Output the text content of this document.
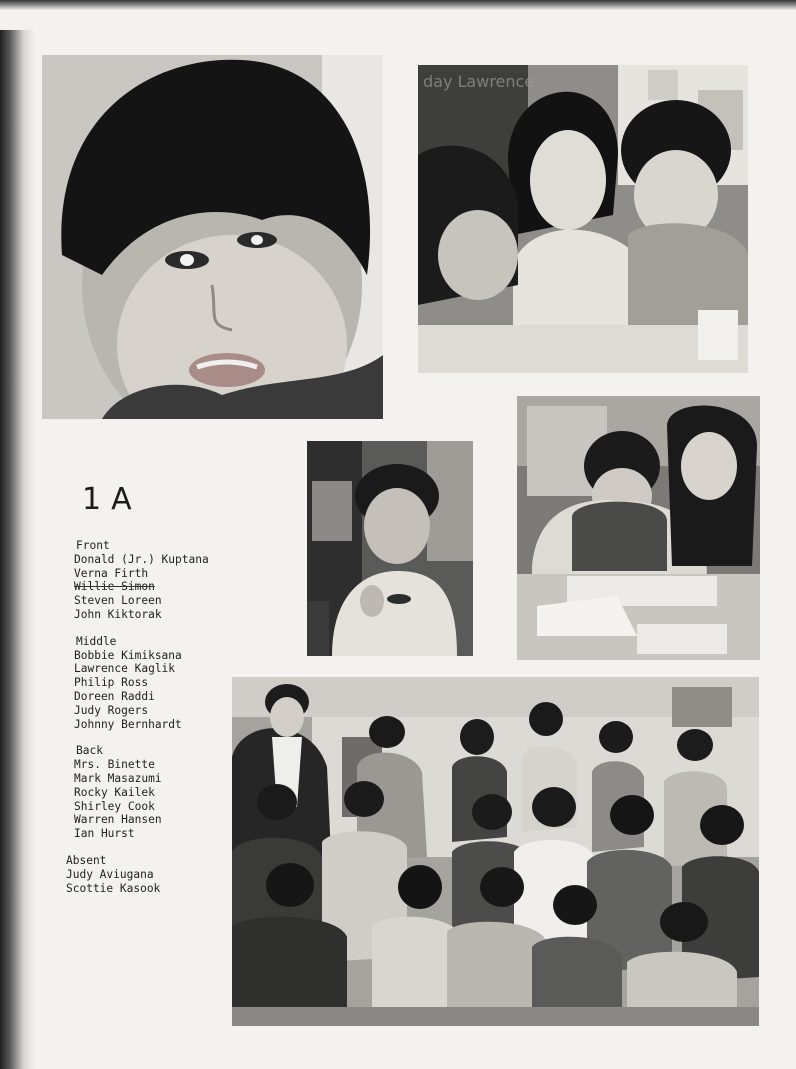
day Lawrence
1A
Front
Donald (Jr.) Kuptana
Verna Firth
Willie Simon
Steven Loreen
John Kiktorak
Middle
Bobbie Kimiksana
Lawrence Kaglik
Philip Ross
Doreen Raddi
Judy Rogers
Johnny Bernhardt
Back
Mrs. Binette
Mark Masazumi
Rocky Kailek
Shirley Cook
Warren Hansen
Ian Hurst
Absent
Judy Aviugana
Scottie Kasook
